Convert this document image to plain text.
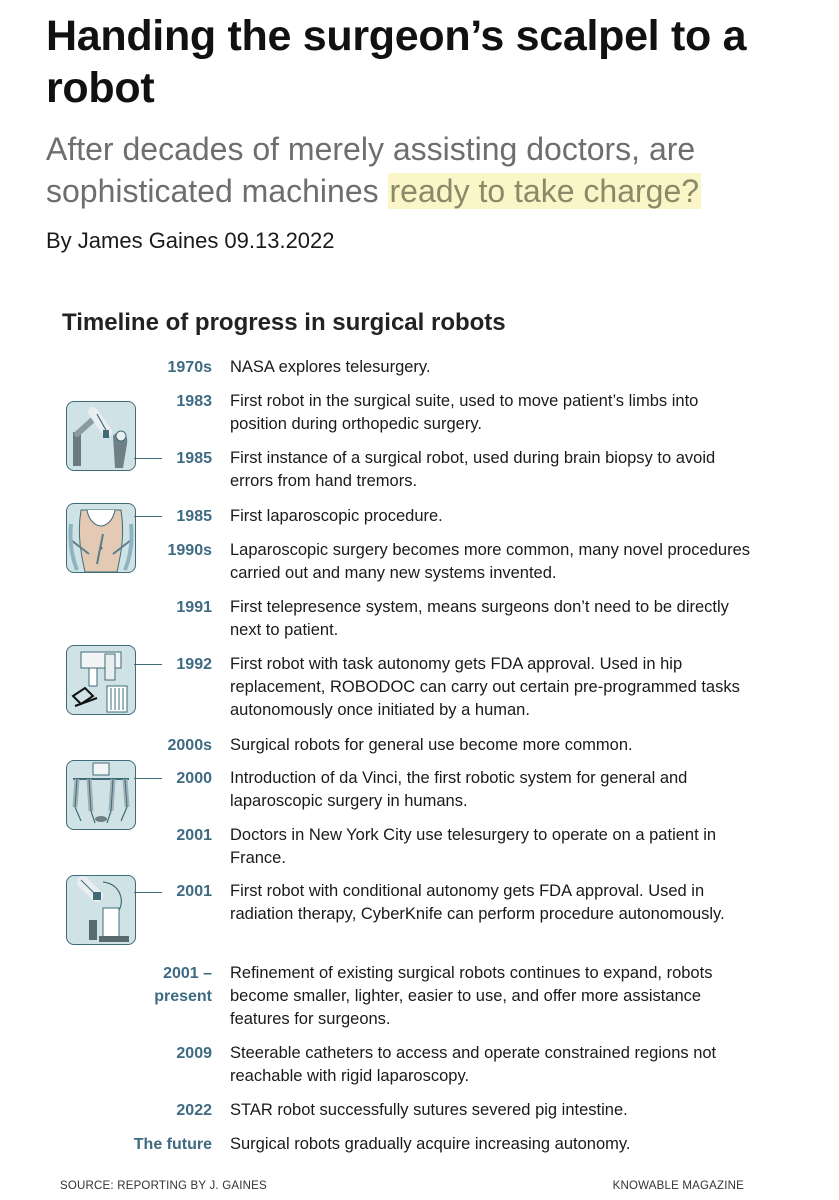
Handing the surgeon’s scalpel to a robot

After decades of merely assisting doctors, are sophisticated machines ready to take charge?

By James Gaines 09.13.2022

Timeline of progress in surgical robots
1970s NASA explores telesurgery.
1983 First robot in the surgical suite, used to move patient’s limbs into position during orthopedic surgery.
1985 First instance of a surgical robot, used during brain biopsy to avoid errors from hand tremors.
1985 First laparoscopic procedure.
1990s Laparoscopic surgery becomes more common, many novel procedures carried out and many new systems invented.
1991 First telepresence system, means surgeons don’t need to be directly next to patient.
1992 First robot with task autonomy gets FDA approval. Used in hip replacement, ROBODOC can carry out certain pre-programmed tasks autonomously once initiated by a human.
2000s Surgical robots for general use become more common.
2000 Introduction of da Vinci, the first robotic system for general and laparoscopic surgery in humans.
2001 Doctors in New York City use telesurgery to operate on a patient in France.
2001 First robot with conditional autonomy gets FDA approval. Used in radiation therapy, CyberKnife can perform procedure autonomously.
2001 –
present
Refinement of existing surgical robots continues to expand, robots become smaller, lighter, easier to use, and offer more assistance features for surgeons.
2009 Steerable catheters to access and operate constrained regions not reachable with rigid laparoscopy.
2022 STAR robot successfully sutures severed pig intestine.
The future Surgical robots gradually acquire increasing autonomy.
SOURCE: REPORTING BY J. GAINES	KNOWABLE MAGAZINE
